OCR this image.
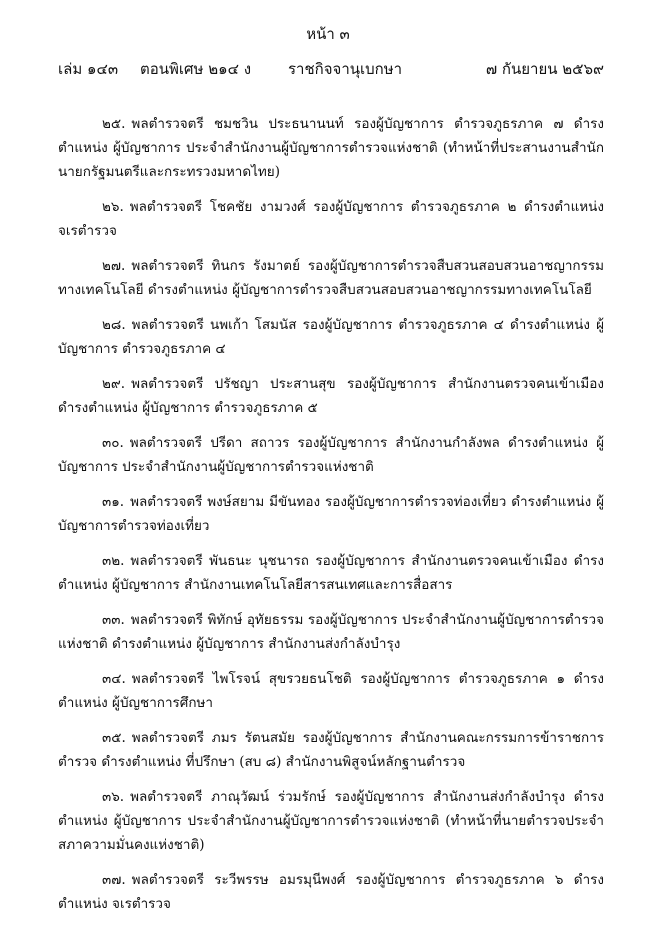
หน้า ๓
เล่ม ๑๔๓ ตอนพิเศษ ๒๑๔ ง ราชกิจจานุเบกษา	๗ กันยายน ๒๕๖๙
๒๕. พลตำรวจตรี ชมชวิน ประธนานนท์ รองผู้บัญชาการ ตำรวจภูธรภาค ๗ ดำรงตำแหน่ง ผู้บัญชาการ ประจำสำนักงานผู้บัญชาการตำรวจแห่งชาติ (ทำหน้าที่ประสานงานสำนักนายกรัฐมนตรีและกระทรวงมหาดไทย)
๒๖. พลตำรวจตรี โชคชัย งามวงศ์ รองผู้บัญชาการ ตำรวจภูธรภาค ๒ ดำรงตำแหน่ง จเรตำรวจ
๒๗. พลตำรวจตรี ทินกร รังมาตย์ รองผู้บัญชาการตำรวจสืบสวนสอบสวนอาชญากรรมทางเทคโนโลยี ดำรงตำแหน่ง ผู้บัญชาการตำรวจสืบสวนสอบสวนอาชญากรรมทางเทคโนโลยี
๒๘. พลตำรวจตรี นพเก้า โสมนัส รองผู้บัญชาการ ตำรวจภูธรภาค ๔ ดำรงตำแหน่ง ผู้บัญชาการ ตำรวจภูธรภาค ๔
๒๙. พลตำรวจตรี ปรัชญา ประสานสุข รองผู้บัญชาการ สำนักงานตรวจคนเข้าเมือง ดำรงตำแหน่ง ผู้บัญชาการ ตำรวจภูธรภาค ๕
๓๐. พลตำรวจตรี ปรีดา สถาวร รองผู้บัญชาการ สำนักงานกำลังพล ดำรงตำแหน่ง ผู้บัญชาการ ประจำสำนักงานผู้บัญชาการตำรวจแห่งชาติ
๓๑. พลตำรวจตรี พงษ์สยาม มีขันทอง รองผู้บัญชาการตำรวจท่องเที่ยว ดำรงตำแหน่ง ผู้บัญชาการตำรวจท่องเที่ยว
๓๒. พลตำรวจตรี พันธนะ นุชนารถ รองผู้บัญชาการ สำนักงานตรวจคนเข้าเมือง ดำรงตำแหน่ง ผู้บัญชาการ สำนักงานเทคโนโลยีสารสนเทศและการสื่อสาร
๓๓. พลตำรวจตรี พิทักษ์ อุทัยธรรม รองผู้บัญชาการ ประจำสำนักงานผู้บัญชาการตำรวจแห่งชาติ ดำรงตำแหน่ง ผู้บัญชาการ สำนักงานส่งกำลังบำรุง
๓๔. พลตำรวจตรี ไพโรจน์ สุขรวยธนโชติ รองผู้บัญชาการ ตำรวจภูธรภาค ๑ ดำรงตำแหน่ง ผู้บัญชาการศึกษา
๓๕. พลตำรวจตรี ภมร รัตนสมัย รองผู้บัญชาการ สำนักงานคณะกรรมการข้าราชการตำรวจ ดำรงตำแหน่ง ที่ปรึกษา (สบ ๘) สำนักงานพิสูจน์หลักฐานตำรวจ
๓๖. พลตำรวจตรี ภาณุวัฒน์ ร่วมรักษ์ รองผู้บัญชาการ สำนักงานส่งกำลังบำรุง ดำรงตำแหน่ง ผู้บัญชาการ ประจำสำนักงานผู้บัญชาการตำรวจแห่งชาติ (ทำหน้าที่นายตำรวจประจำสภาความมั่นคงแห่งชาติ)
๓๗. พลตำรวจตรี ระวีพรรษ อมรมุนีพงศ์ รองผู้บัญชาการ ตำรวจภูธรภาค ๖ ดำรงตำแหน่ง จเรตำรวจ
